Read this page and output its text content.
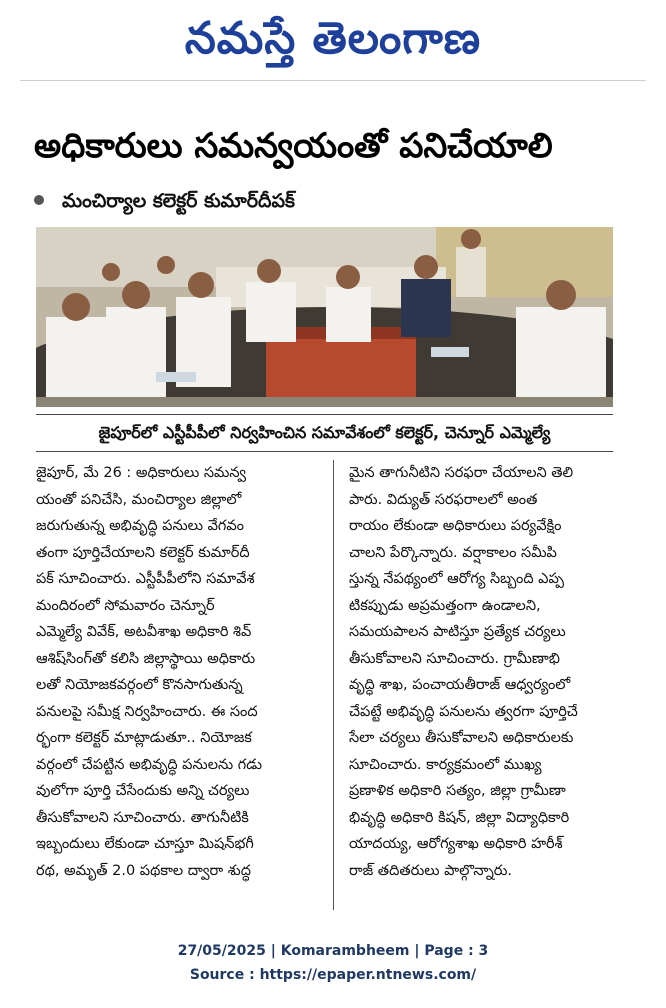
నమస్తే తెలంగాణ
అధికారులు సమన్వయంతో పనిచేయాలి
మంచిర్యాల కలెక్టర్ కుమార్‌దీపక్
జైపూర్‌లో ఎస్టీపీపీలో నిర్వహించిన సమావేశంలో కలెక్టర్, చెన్నూర్ ఎమ్మెల్యే
జైపూర్, మే 26 : అధికారులు సమన్వ
యంతో పనిచేసి, మంచిర్యాల జిల్లాలో
జరుగుతున్న అభివృద్ధి పనులు వేగవం
తంగా పూర్తిచేయాలని కలెక్టర్ కుమార్‌దీ
పక్ సూచించారు. ఎస్టీపీపీలోని సమావేశ
మందిరంలో సోమవారం చెన్నూర్
ఎమ్మెల్యే వివేక్, అటవీశాఖ అధికారి శివ్
ఆశిష్‌సింగ్‌తో కలిసి జిల్లాస్థాయి అధికారు
లతో నియోజకవర్గంలో కొనసాగుతున్న
పనులపై సమీక్ష నిర్వహించారు. ఈ సంద
ర్భంగా కలెక్టర్ మాట్లాడుతూ.. నియోజక
వర్గంలో చేపట్టిన అభివృద్ధి పనులను గడు
వులోగా పూర్తి చేసేందుకు అన్ని చర్యలు
తీసుకోవాలని సూచించారు. తాగునీటికి
ఇబ్బందులు లేకుండా చూస్తూ మిషన్‌భగీ
రథ, అమృత్ 2.0 పథకాల ద్వారా శుద్ధ
మైన తాగునీటిని సరఫరా చేయాలని తెలి
పారు. విద్యుత్ సరఫరాలలో అంత
రాయం లేకుండా అధికారులు పర్యవేక్షిం
చాలని పేర్కొన్నారు. వర్షాకాలం సమీపి
స్తున్న నేపథ్యంలో ఆరోగ్య సిబ్బంది ఎప్ప
టికప్పుడు అప్రమత్తంగా ఉండాలని,
సమయపాలన పాటిస్తూ ప్రత్యేక చర్యలు
తీసుకోవాలని సూచించారు. గ్రామీణాభి
వృద్ధి శాఖ, పంచాయతీరాజ్ ఆధ్వర్యంలో
చేపట్టే అభివృద్ధి పనులను త్వరగా పూర్తిచే
సేలా చర్యలు తీసుకోవాలని అధికారులకు
సూచించారు. కార్యక్రమంలో ముఖ్య
ప్రణాళిక అధికారి సత్యం, జిల్లా గ్రామీణా
భివృద్ధి అధికారి కిషన్, జిల్లా విద్యాధికారి
యాదయ్య, ఆరోగ్యశాఖ అధికారి హరీశ్
రాజ్ తదితరులు పాల్గొన్నారు.
27/05/2025 | Komarambheem | Page : 3
Source : https://epaper.ntnews.com/
